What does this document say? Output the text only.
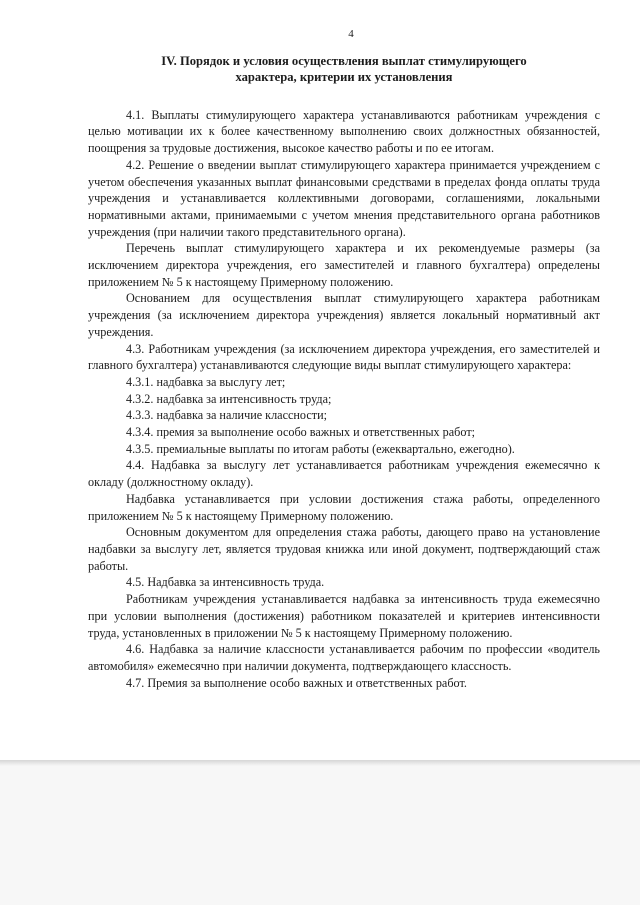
4
IV. Порядок и условия осуществления выплат стимулирующего
характера, критерии их установления

4.1. Выплаты стимулирующего характера устанавливаются работникам учреждения с целью мотивации их к более качественному выполнению своих должностных обязанностей, поощрения за трудовые достижения, высокое качество работы и по ее итогам.

4.2. Решение о введении выплат стимулирующего характера принимается учреждением с учетом обеспечения указанных выплат финансовыми средствами в пределах фонда оплаты труда учреждения и устанавливается коллективными договорами, соглашениями, локальными нормативными актами, принимаемыми с учетом мнения представительного органа работников учреждения (при наличии такого представительного органа).

Перечень выплат стимулирующего характера и их рекомендуемые размеры (за исключением директора учреждения, его заместителей и главного бухгалтера) определены приложением № 5 к настоящему Примерному положению.

Основанием для осуществления выплат стимулирующего характера работникам учреждения (за исключением директора учреждения) является локальный нормативный акт учреждения.

4.3. Работникам учреждения (за исключением директора учреждения, его заместителей и главного бухгалтера) устанавливаются следующие виды выплат стимулирующего характера:

4.3.1. надбавка за выслугу лет;

4.3.2. надбавка за интенсивность труда;

4.3.3. надбавка за наличие классности;

4.3.4. премия за выполнение особо важных и ответственных работ;

4.3.5. премиальные выплаты по итогам работы (ежеквартально, ежегодно).

4.4. Надбавка за выслугу лет устанавливается работникам учреждения ежемесячно к окладу (должностному окладу).

Надбавка устанавливается при условии достижения стажа работы, определенного приложением № 5 к настоящему Примерному положению.

Основным документом для определения стажа работы, дающего право на установление надбавки за выслугу лет, является трудовая книжка или иной документ, подтверждающий стаж работы.

4.5. Надбавка за интенсивность труда.

Работникам учреждения устанавливается надбавка за интенсивность труда ежемесячно при условии выполнения (достижения) работником показателей и критериев интенсивности труда, установленных в приложении № 5 к настоящему Примерному положению.

4.6. Надбавка за наличие классности устанавливается рабочим по профессии «водитель автомобиля» ежемесячно при наличии документа, подтверждающего классность.

4.7. Премия за выполнение особо важных и ответственных работ.
